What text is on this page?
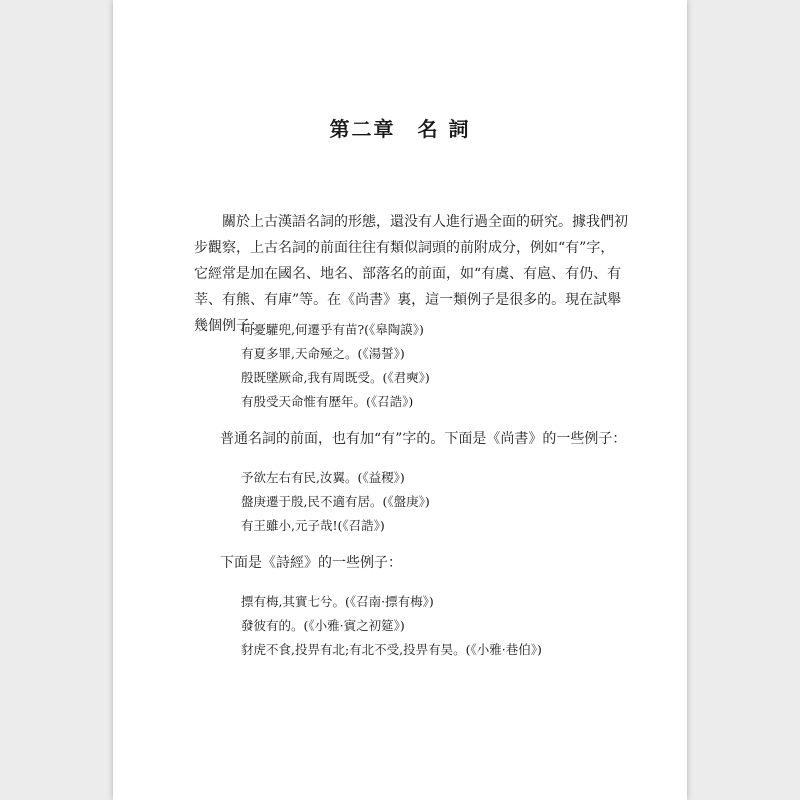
第二章 名 詞

關於上古漢語名詞的形態，還没有人進行過全面的研究。據我們初步觀察，上古名詞的前面往往有類似詞頭的前附成分，例如“有”字，它經常是加在國名、地名、部落名的前面，如“有虞、有扈、有仍、有莘、有熊、有庫”等。在《尚書》裏，這一類例子是很多的。現在試舉幾個例子：

何憂驩兜,何遷乎有苗?(《皋陶謨》)
有夏多罪,天命殛之。(《湯誓》)
殷既墜厥命,我有周既受。(《君奭》)
有殷受天命惟有歷年。(《召誥》)

普通名詞的前面，也有加“有”字的。下面是《尚書》的一些例子：

予欲左右有民,汝翼。(《益稷》)
盤庚遷于殷,民不適有居。(《盤庚》)
有王雖小,元子哉!(《召誥》)

下面是《詩經》的一些例子：

摽有梅,其實七兮。(《召南·摽有梅》)
發彼有的。(《小雅·賓之初筵》)
豺虎不食,投畀有北;有北不受,投畀有昊。(《小雅·巷伯》)
